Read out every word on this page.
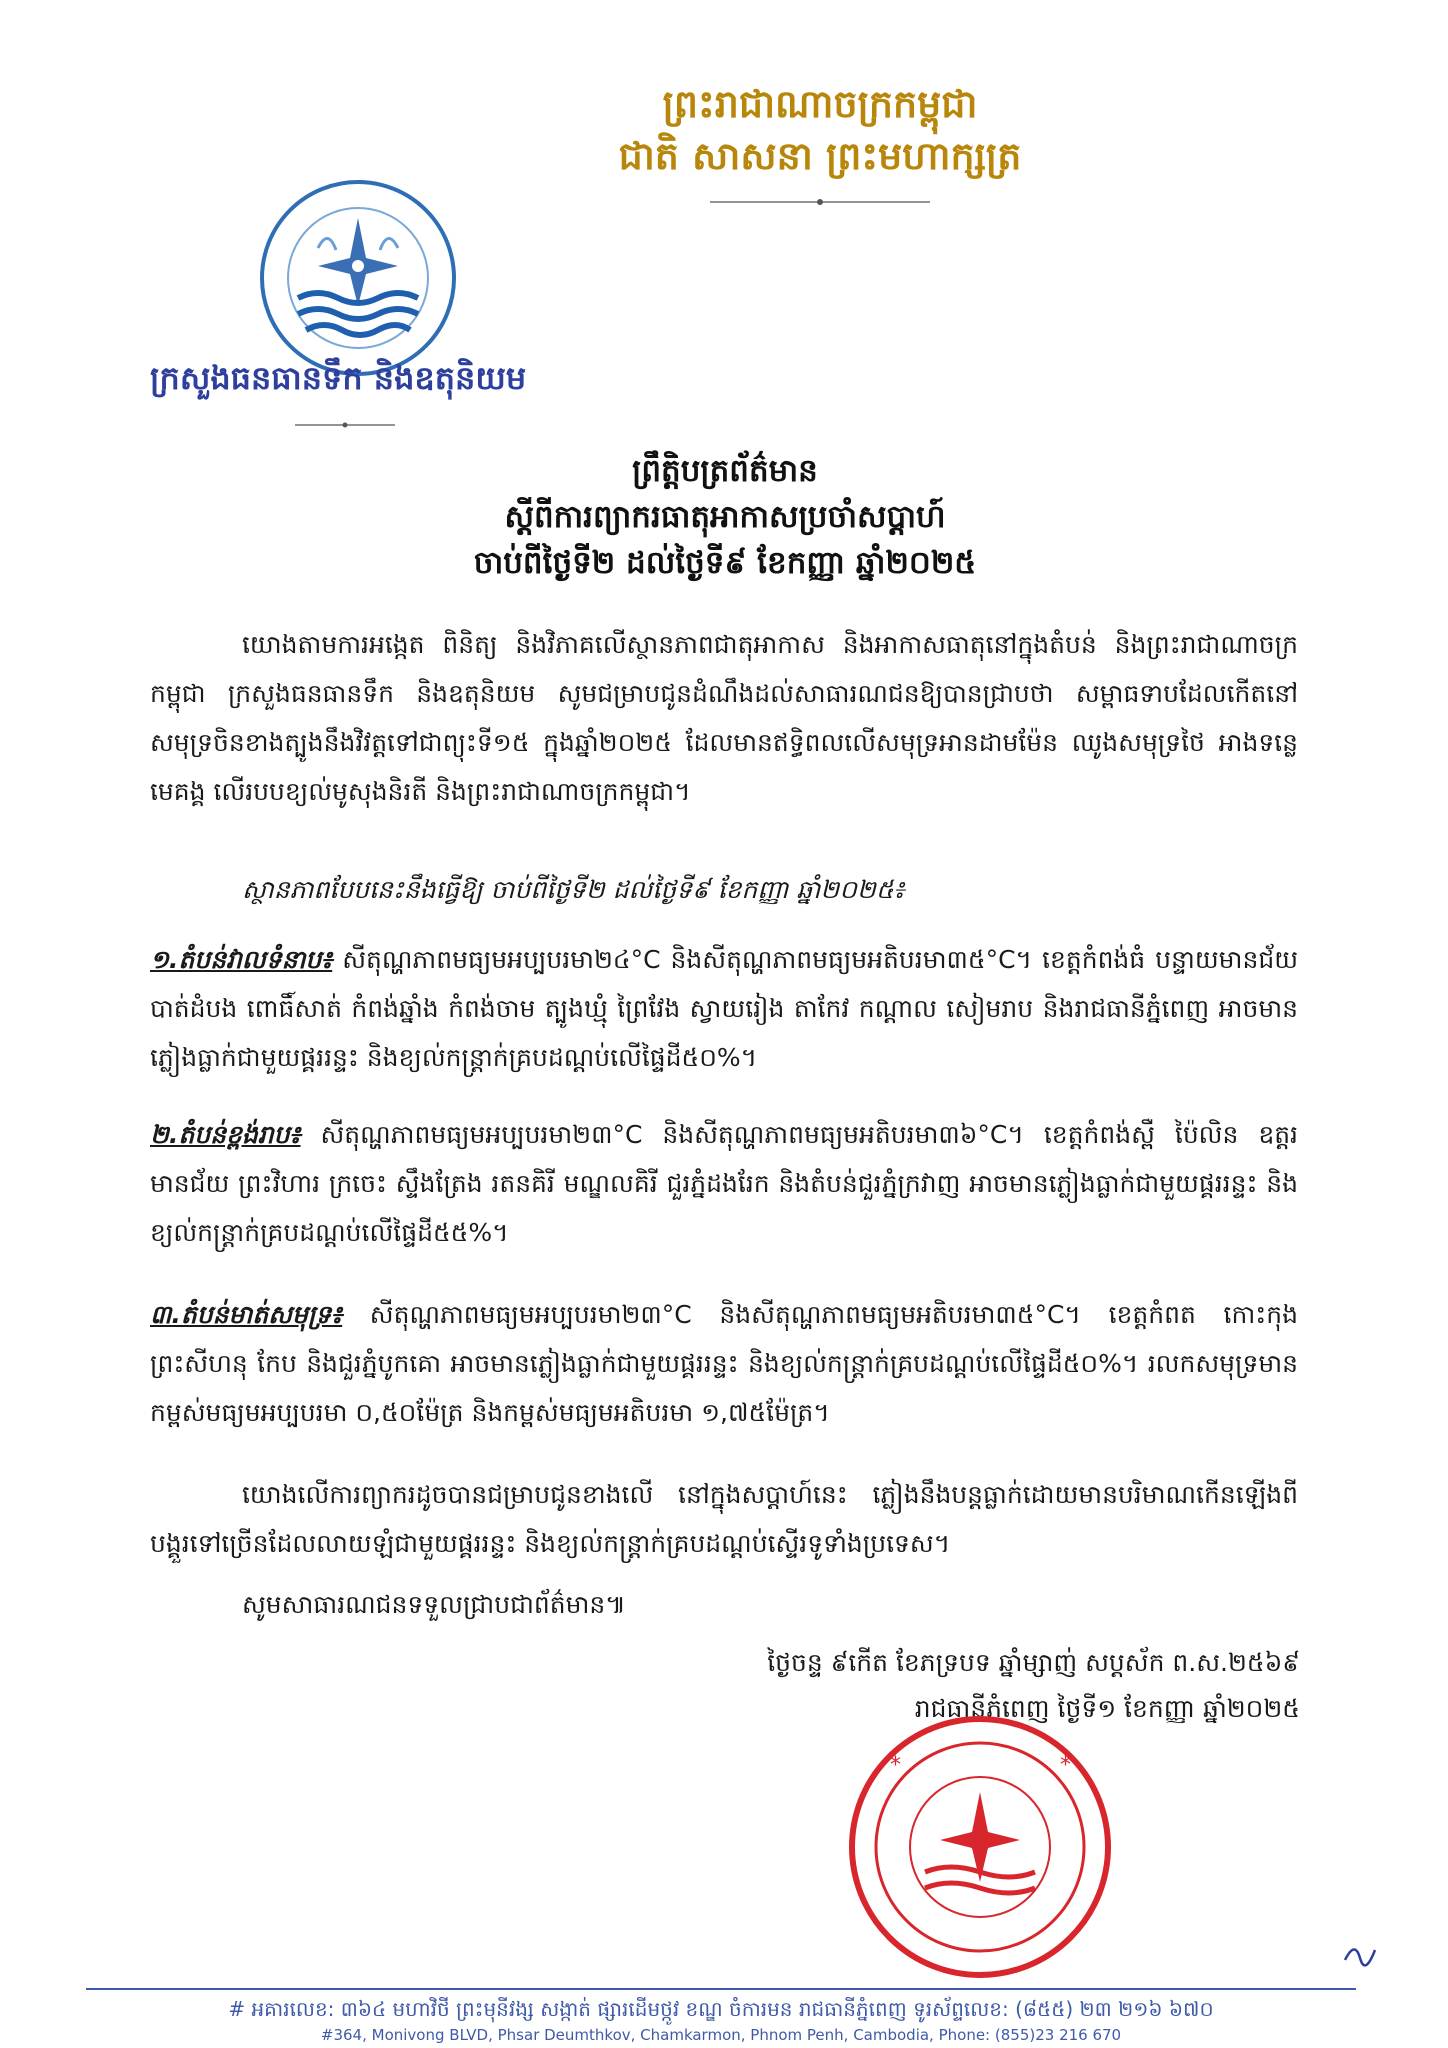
ព្រះរាជាណាចក្រកម្ពុជា
ជាតិ សាសនា ព្រះមហាក្សត្រ
ក្រសួងធនធានទឹក និងឧតុនិយម
ព្រឹត្តិបត្រព័ត៌មាន
ស្តីពីការព្យាករធាតុអាកាសប្រចាំសប្តាហ៍
ចាប់ពីថ្ងៃទី២ ដល់ថ្ងៃទី៩ ខែកញ្ញា ឆ្នាំ២០២៥
យោងតាមការអង្កេត ពិនិត្យ និងវិភាគលើស្ថានភាពជាតុអាកាស និងអាកាសធាតុនៅក្នុងតំបន់ និងព្រះរាជាណាចក្រកម្ពុជា ក្រសួងធនធានទឹក និងឧតុនិយម សូមជម្រាបជូនដំណឹងដល់សាធារណជនឱ្យបានជ្រាបថា សម្ពាធទាបដែលកើតនៅសមុទ្រចិនខាងត្បូងនឹងវិវត្តទៅជាព្យុះទី១៥ ក្នុងឆ្នាំ២០២៥ ដែលមានឥទ្ធិពលលើសមុទ្រអានដាមម៉ែន ឈូងសមុទ្រថៃ អាងទន្លេមេគង្គ លើរបបខ្យល់មូសុងនិរតី និងព្រះរាជាណាចក្រកម្ពុជា។
ស្ថានភាពបែបនេះនឹងធ្វើឱ្យ ចាប់ពីថ្ងៃទី២ ដល់ថ្ងៃទី៩ ខែកញ្ញា ឆ្នាំ២០២៥៖
១.តំបន់វាលទំនាប៖ សីតុណ្ហភាពមធ្យមអប្បបរមា២៤°C និងសីតុណ្ហភាពមធ្យមអតិបរមា៣៥°C។ ខេត្តកំពង់ធំ បន្ទាយមានជ័យ បាត់ដំបង ពោធិ៍សាត់ កំពង់ឆ្នាំង កំពង់ចាម ត្បូងឃ្មុំ ព្រៃវែង ស្វាយរៀង តាកែវ កណ្តាល សៀមរាប និងរាជធានីភ្នំពេញ អាចមានភ្លៀងធ្លាក់ជាមួយផ្គររន្ទះ និងខ្យល់កន្ត្រាក់គ្របដណ្តប់លើផ្ទៃដី៥០%។
២.តំបន់ខ្ពង់រាប៖ សីតុណ្ហភាពមធ្យមអប្បបរមា២៣°C និងសីតុណ្ហភាពមធ្យមអតិបរមា៣៦°C។ ខេត្តកំពង់ស្ពឺ ប៉ៃលិន ឧត្តរមានជ័យ ព្រះវិហារ ក្រចេះ ស្ទឹងត្រែង រតនគិរី មណ្ឌលគិរី ជួរភ្នំដងរែក និងតំបន់ជួរភ្នំក្រវាញ អាចមានភ្លៀងធ្លាក់ជាមួយផ្គររន្ទះ និងខ្យល់កន្ត្រាក់គ្របដណ្តប់លើផ្ទៃដី៥៥%។
៣.តំបន់មាត់សមុទ្រ៖ សីតុណ្ហភាពមធ្យមអប្បបរមា២៣°C និងសីតុណ្ហភាពមធ្យមអតិបរមា៣៥°C។ ខេត្តកំពត កោះកុង ព្រះសីហនុ កែប និងជួរភ្នំបូកគោ អាចមានភ្លៀងធ្លាក់ជាមួយផ្គររន្ទះ និងខ្យល់កន្ត្រាក់គ្របដណ្តប់លើផ្ទៃដី៥០%។ រលកសមុទ្រមានកម្ពស់មធ្យមអប្បបរមា ០,៥០ម៉ែត្រ និងកម្ពស់មធ្យមអតិបរមា ១,៧៥ម៉ែត្រ។
យោងលើការព្យាករដូចបានជម្រាបជូនខាងលើ នៅក្នុងសប្តាហ៍នេះ ភ្លៀងនឹងបន្តធ្លាក់ដោយមានបរិមាណកើនឡើងពីបង្គួរទៅច្រើនដែលលាយឡំជាមួយផ្គររន្ទះ និងខ្យល់កន្ត្រាក់គ្របដណ្តប់ស្ទើរទូទាំងប្រទេស។
សូមសាធារណជនទទួលជ្រាបជាព័ត៌មាន៕
ថ្ងៃចន្ទ ៩កើត ខែភទ្របទ ឆ្នាំម្សាញ់ សប្តស័ក ព.ស.២៥៦៩
រាជធានីភ្នំពេញ ថ្ងៃទី១ ខែកញ្ញា ឆ្នាំ២០២៥
*	*
# អគារលេខ: ៣៦៤ មហាវិថី ព្រះមុនីវង្ស សង្កាត់ ផ្សារដើមថ្កូវ ខណ្ឌ ចំការមន រាជធានីភ្នំពេញ ទូរស័ព្ទលេខ: (៨៥៥) ២៣ ២១៦ ៦៧០
#364, Monivong BLVD, Phsar Deumthkov, Chamkarmon, Phnom Penh, Cambodia, Phone: (855)23 216 670
